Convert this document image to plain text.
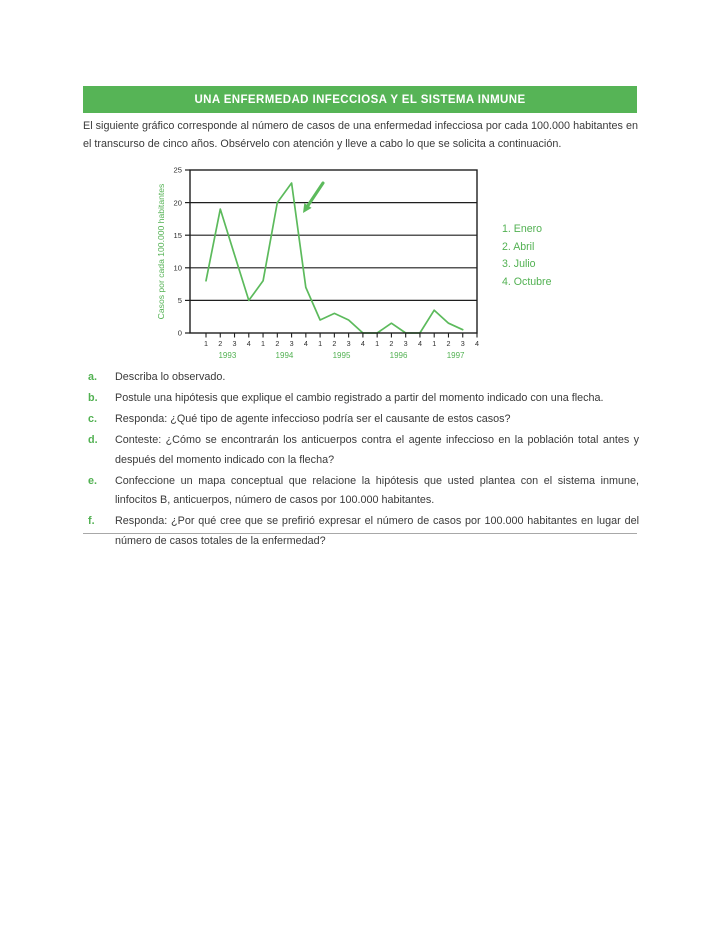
UNA ENFERMEDAD INFECCIOSA Y EL SISTEMA INMUNE
El siguiente gráfico corresponde al número de casos de una enfermedad infecciosa por cada 100.000 habitantes en el transcurso de cinco años. Obsérvelo con atención y lleve a cabo lo que se solicita a continuación.
0
5
10
15
20
25
1 2 3 4 1 2 3 4 1 2 3 4 1 2 3 4 1 2 3 4
1993	1994	1995	1996	1997
Casos por cada 100.000 habitantes	1. Enero
2. Abril
3. Julio
4. Octubre
a.	Describa lo observado.
b.	Postule una hipótesis que explique el cambio registrado a partir del momento indicado con una flecha.
c.	Responda: ¿Qué tipo de agente infeccioso podría ser el causante de estos casos?
d.	Conteste: ¿Cómo se encontrarán los anticuerpos contra el agente infeccioso en la población total antes y después del momento indicado con la flecha?
e.	Confeccione un mapa conceptual que relacione la hipótesis que usted plantea con el sistema inmune, linfocitos B, anticuerpos, número de casos por 100.000 habitantes.
f.	Responda: ¿Por qué cree que se prefirió expresar el número de casos por 100.000 habitantes en lugar del número de casos totales de la enfermedad?
